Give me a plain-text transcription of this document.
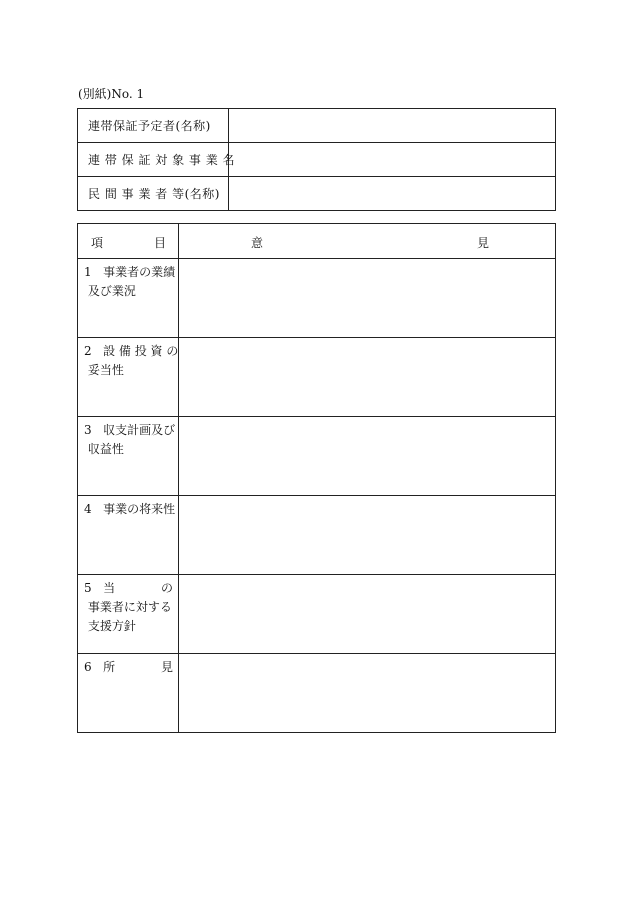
(別紙)No. 1
連帯保証予定者(名称)	
連 帯 保 証 対 象 事 業 名	
民 間 事 業 者 等(名称)	
項 目	意 見

1 事業者の業績
及び業況	

2 設 備 投 資 の
妥当性	

3 収支計画及び
収益性	

4 事業の将来性	

5 当 の
事業者に対する
支援方針	

6 所 見	
